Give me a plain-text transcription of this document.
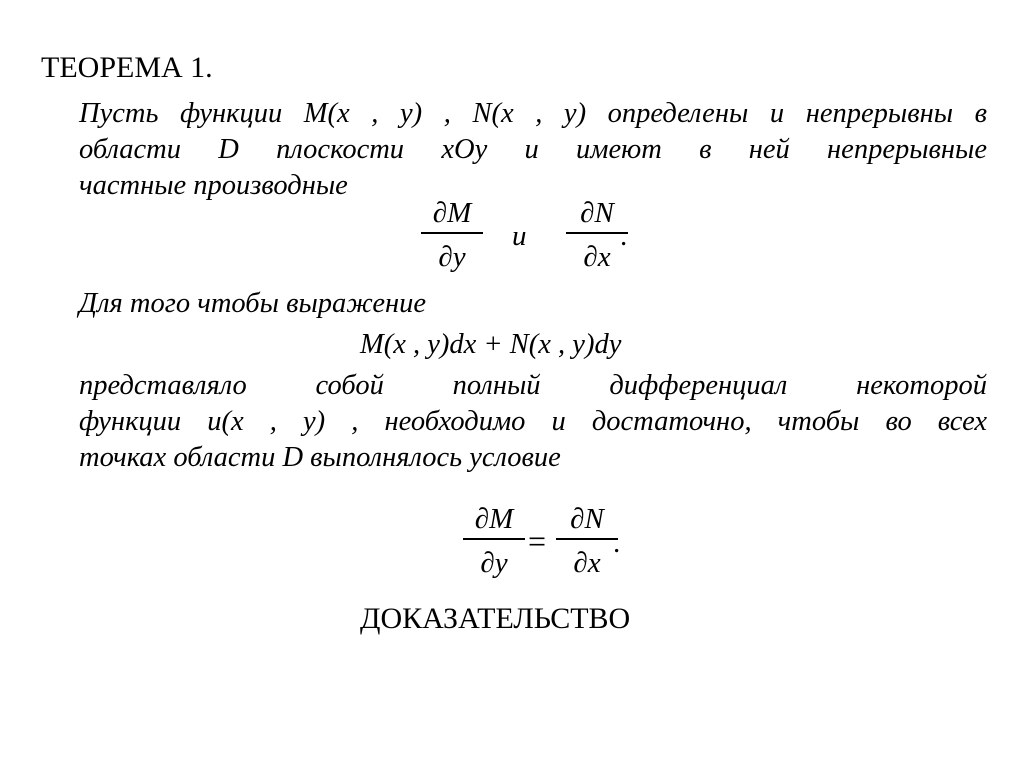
ТЕОРЕМА 1.
Пусть функции M(x , y) , N(x , y) определены и непрерывны в
области D плоскости xOy и имеют в ней непрерывные
частные производные
∂M
∂y
и
∂N
∂x
.
Для того чтобы выражение
M(x , y)dx + N(x , y)dy
представляло собой полный дифференциал некоторой
функции u(x , y) , необходимо и достаточно, чтобы во всех
точках области D выполнялось условие
∂M
∂y
=
∂N
∂x
.
ДОКАЗАТЕЛЬСТВО
